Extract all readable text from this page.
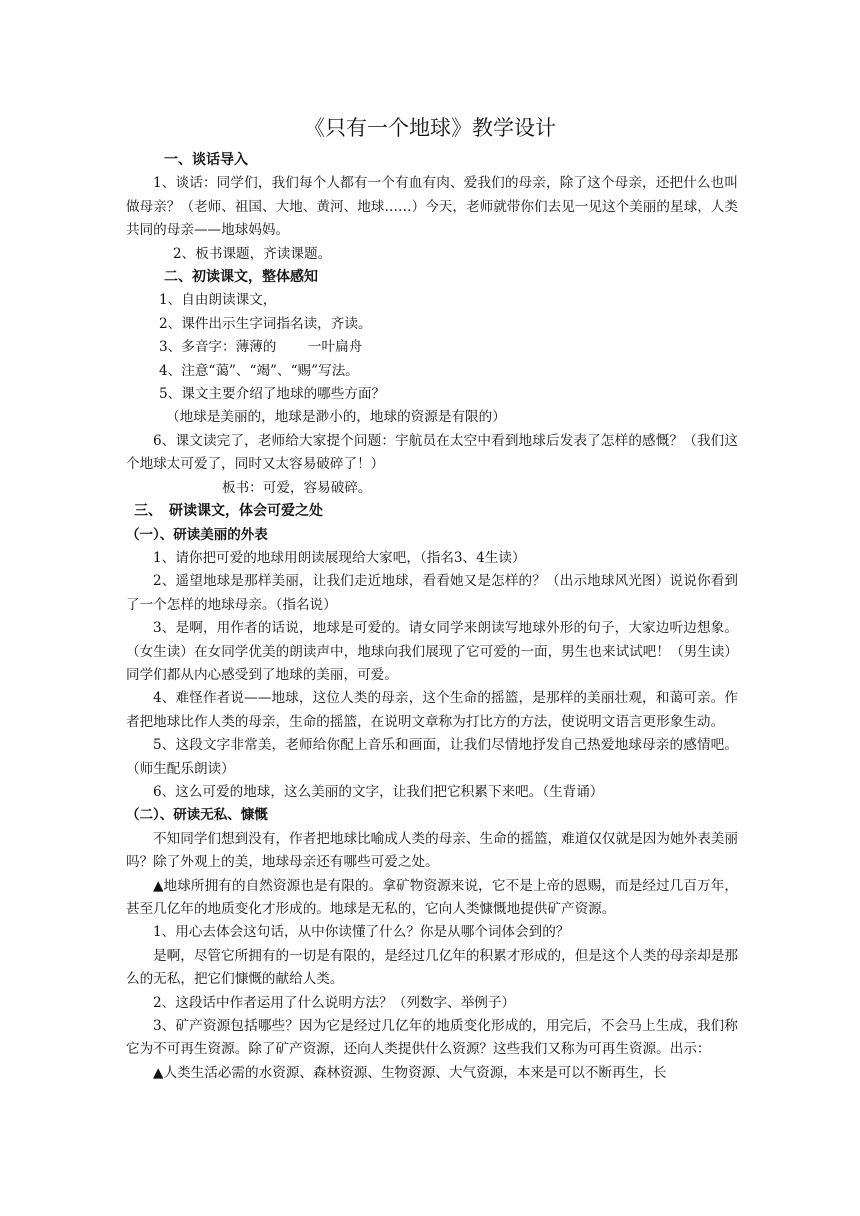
《只有一个地球》教学设计

一、谈话导入

1、谈话：同学们，我们每个人都有一个有血有肉、爱我们的母亲，除了这个母亲，还把什么也叫做母亲？（老师、祖国、大地、黄河、地球……）今天，老师就带你们去见一见这个美丽的星球，人类共同的母亲——地球妈妈。

2、板书课题，齐读课题。

二、初读课文，整体感知

1、自由朗读课文，

2、课件出示生字词指名读，齐读。

3、多音字：薄薄的　　 一叶扁舟

4、注意“蔼”、“竭”、“赐”写法。

5、课文主要介绍了地球的哪些方面？

（地球是美丽的，地球是渺小的，地球的资源是有限的）

6、课文读完了，老师给大家提个问题：宇航员在太空中看到地球后发表了怎样的感慨？（我们这个地球太可爱了，同时又太容易破碎了！）

板书：可爱，容易破碎。

三、　研读课文，体会可爱之处

（一）、研读美丽的外表

1、请你把可爱的地球用朗读展现给大家吧，（指名3、4生读）

2、遥望地球是那样美丽，让我们走近地球，看看她又是怎样的？（出示地球风光图）说说你看到了一个怎样的地球母亲。（指名说）

3、是啊，用作者的话说，地球是可爱的。请女同学来朗读写地球外形的句子，大家边听边想象。（女生读）在女同学优美的朗读声中，地球向我们展现了它可爱的一面，男生也来试试吧！（男生读）同学们都从内心感受到了地球的美丽，可爱。

4、难怪作者说——地球，这位人类的母亲，这个生命的摇篮，是那样的美丽壮观，和蔼可亲。作者把地球比作人类的母亲，生命的摇篮，在说明文章称为打比方的方法，使说明文语言更形象生动。

5、这段文字非常美，老师给你配上音乐和画面，让我们尽情地抒发自己热爱地球母亲的感情吧。（师生配乐朗读）

6、这么可爱的地球，这么美丽的文字，让我们把它积累下来吧。（生背诵）

（二）、研读无私、慷慨

不知同学们想到没有，作者把地球比喻成人类的母亲、生命的摇篮，难道仅仅就是因为她外表美丽吗？除了外观上的美，地球母亲还有哪些可爱之处。

▲地球所拥有的自然资源也是有限的。拿矿物资源来说，它不是上帝的恩赐，而是经过几百万年，甚至几亿年的地质变化才形成的。地球是无私的，它向人类慷慨地提供矿产资源。

1、用心去体会这句话，从中你读懂了什么？你是从哪个词体会到的？

是啊，尽管它所拥有的一切是有限的，是经过几亿年的积累才形成的，但是这个人类的母亲却是那么的无私，把它们慷慨的献给人类。

2、这段话中作者运用了什么说明方法？（列数字、举例子）

3、矿产资源包括哪些？因为它是经过几亿年的地质变化形成的，用完后，不会马上生成，我们称它为不可再生资源。除了矿产资源，还向人类提供什么资源？这些我们又称为可再生资源。出示：

▲人类生活必需的水资源、森林资源、生物资源、大气资源，本来是可以不断再生，长
